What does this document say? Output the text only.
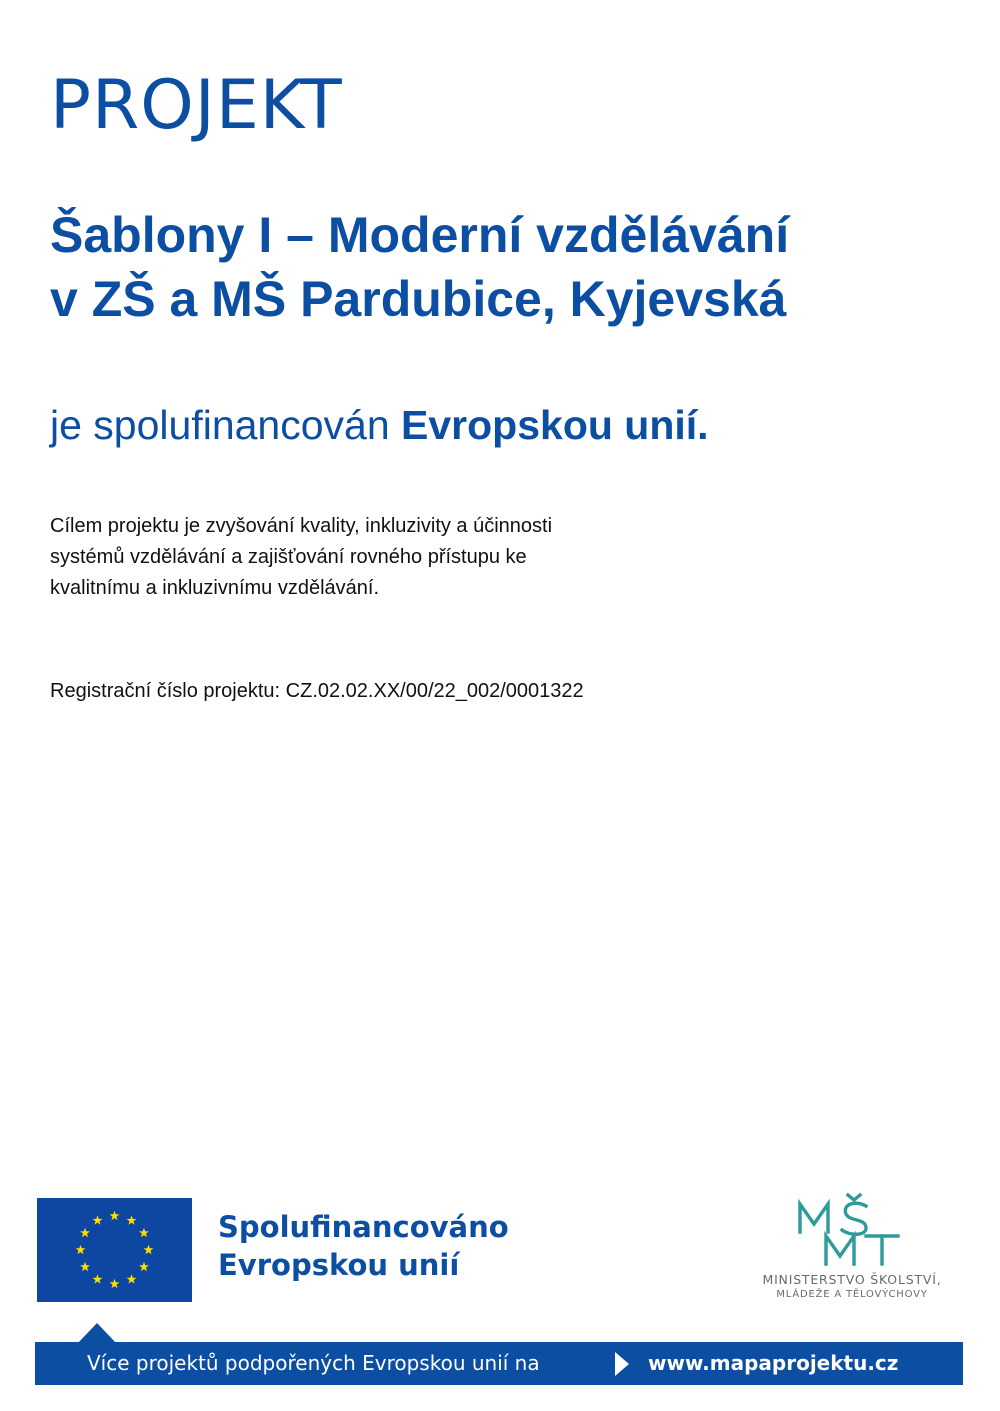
PROJEKT
Šablony I – Moderní vzdělávání
v ZŠ a MŠ Pardubice, Kyjevská

je spolufinancován Evropskou unií.

Cílem projektu je zvyšování kvality, inkluzivity a účinnosti
systémů vzdělávání a zajišťování rovného přístupu ke
kvalitnímu a inkluzivnímu vzdělávání.

Registrační číslo projektu: CZ.02.02.XX/00/22_002/0001322

Spolufinancováno
Evropskou unií	MINISTERSTVO ŠKOLSTVÍ,
MLÁDEŽE A TĚLOVÝCHOVY
Více projektů podpořených Evropskou unií na	www.mapaprojektu.cz
